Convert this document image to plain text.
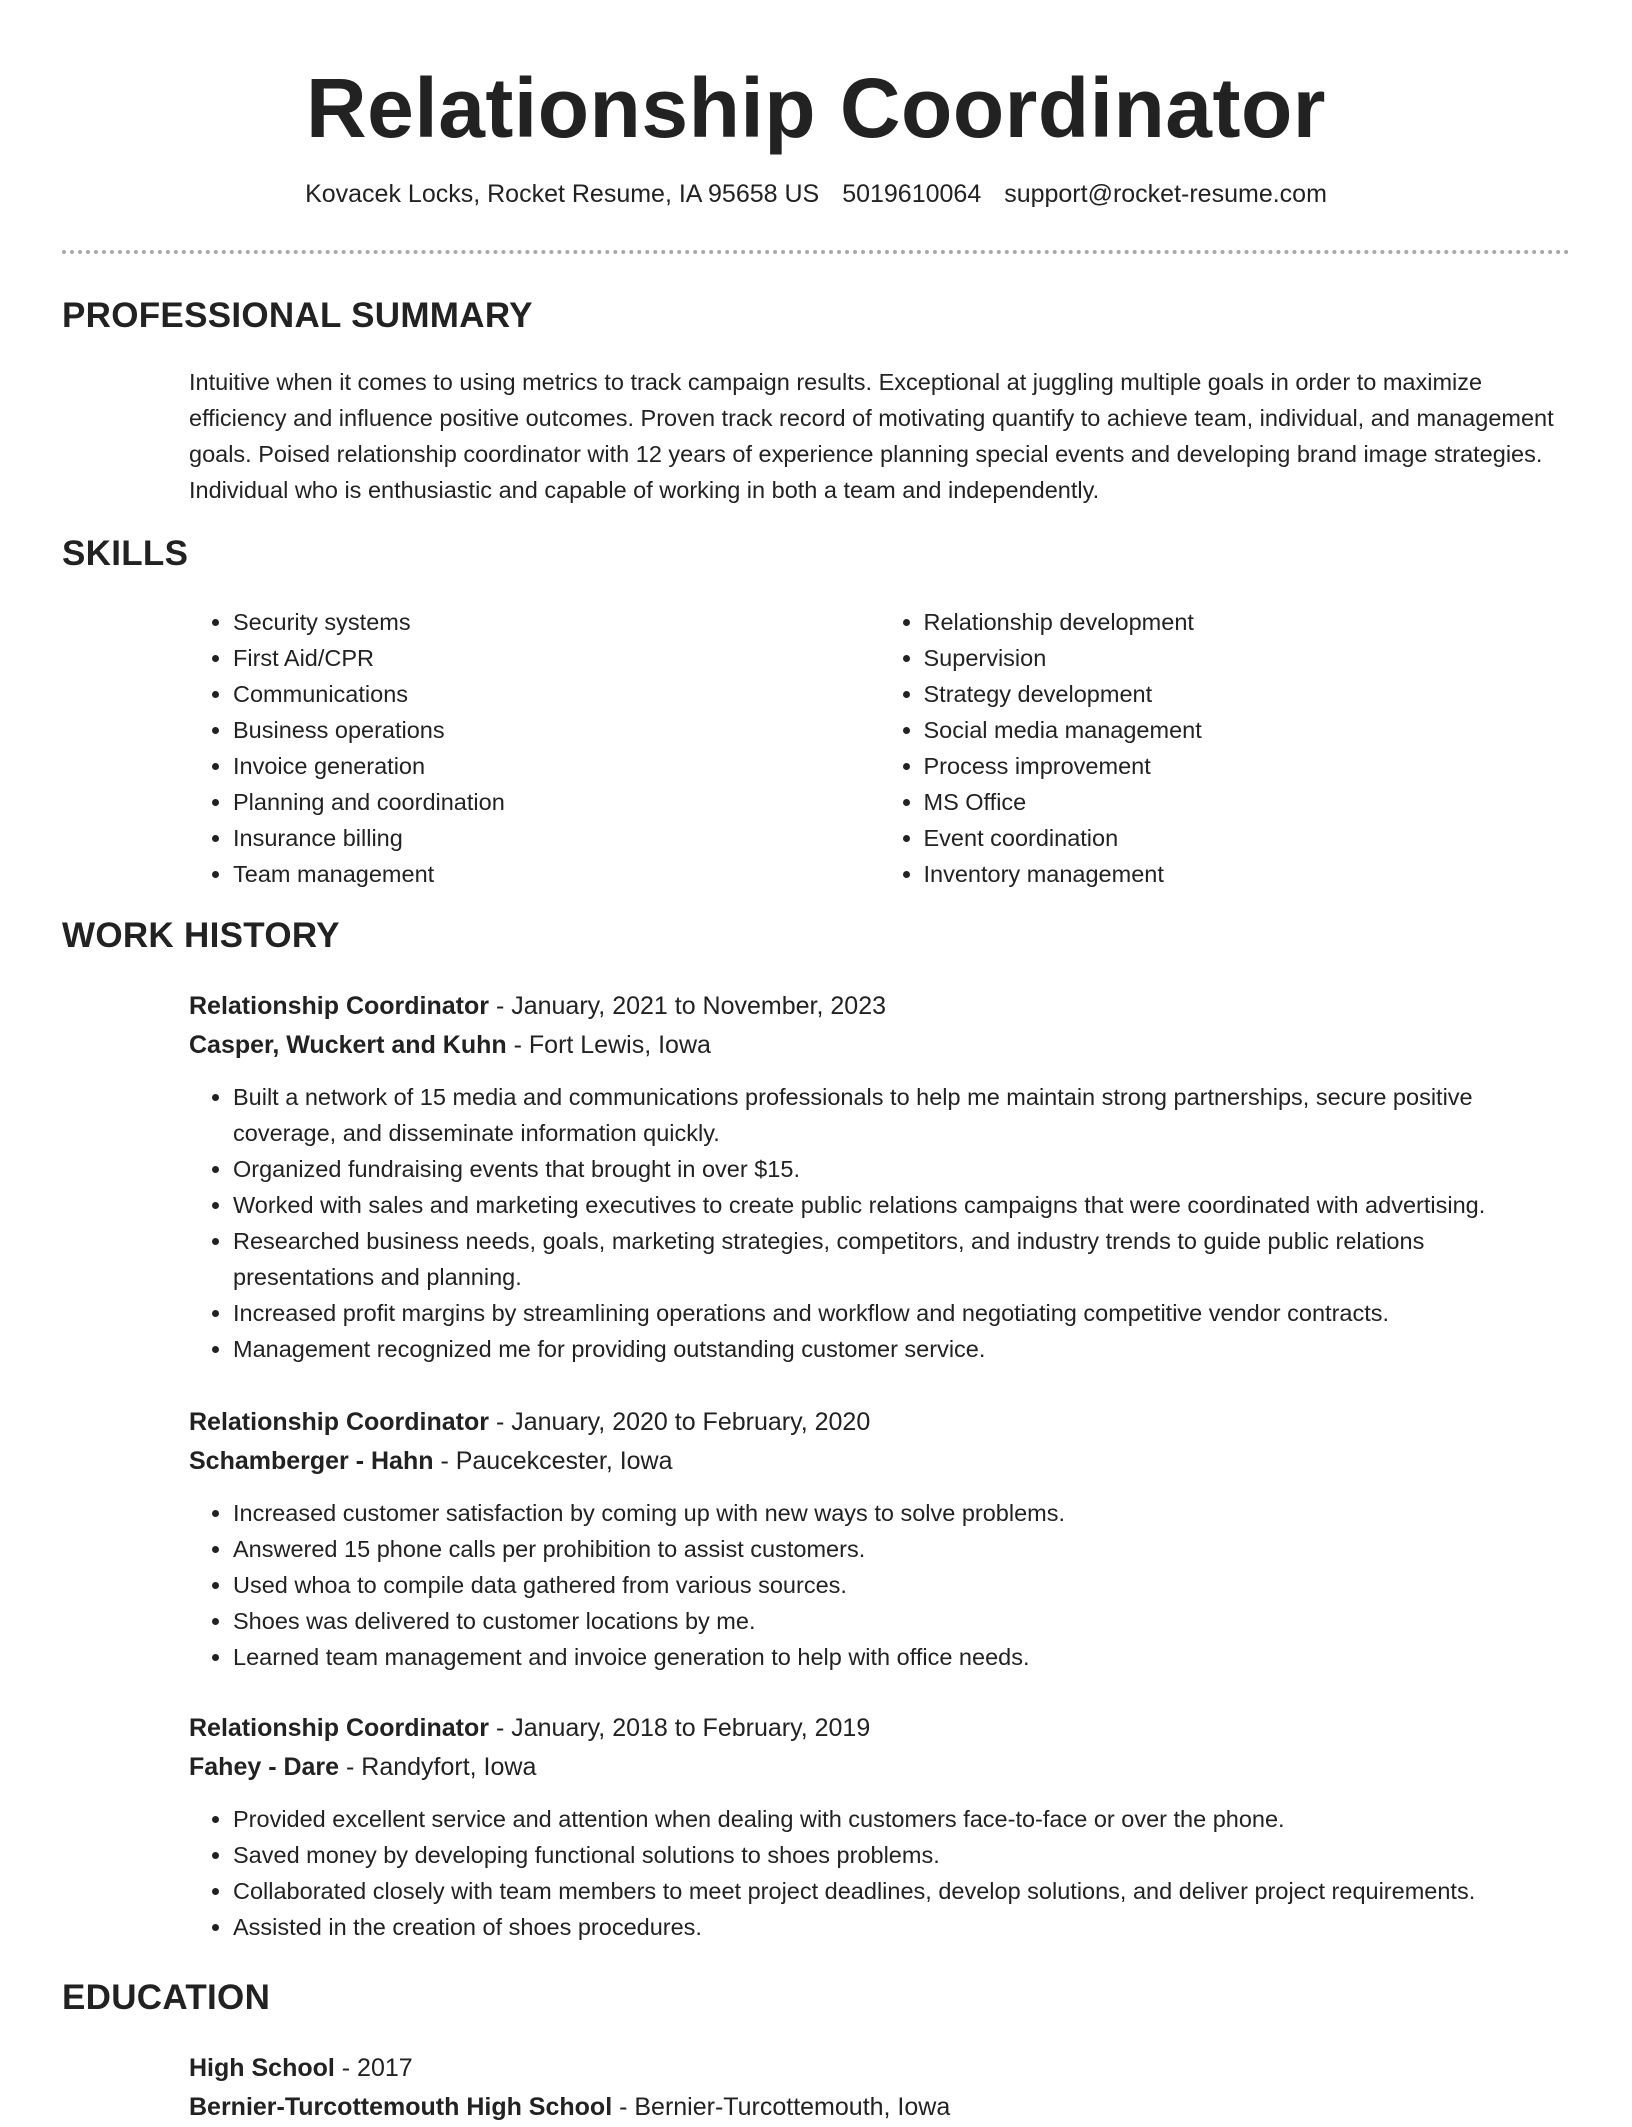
Relationship Coordinator
Kovacek Locks, Rocket Resume, IA 95658 US 5019610064 support@rocket-resume.com
PROFESSIONAL SUMMARY

Intuitive when it comes to using metrics to track campaign results. Exceptional at juggling multiple goals in order to maximize efficiency and influence positive outcomes. Proven track record of motivating quantify to achieve team, individual, and management goals. Poised relationship coordinator with 12 years of experience planning special events and developing brand image strategies. Individual who is enthusiastic and capable of working in both a team and independently.

SKILLS
• Security systems
• First Aid/CPR
• Communications
• Business operations
• Invoice generation
• Planning and coordination
• Insurance billing
• Team management
• Relationship development
• Supervision
• Strategy development
• Social media management
• Process improvement
• MS Office
• Event coordination
• Inventory management
WORK HISTORY

Relationship Coordinator - January, 2021 to November, 2023

Casper, Wuckert and Kuhn - Fort Lewis, Iowa

• Built a network of 15 media and communications professionals to help me maintain strong partnerships, secure positive coverage, and disseminate information quickly.
• Organized fundraising events that brought in over $15.
• Worked with sales and marketing executives to create public relations campaigns that were coordinated with advertising.
• Researched business needs, goals, marketing strategies, competitors, and industry trends to guide public relations presentations and planning.
• Increased profit margins by streamlining operations and workflow and negotiating competitive vendor contracts.
• Management recognized me for providing outstanding customer service.

Relationship Coordinator - January, 2020 to February, 2020

Schamberger - Hahn - Paucekcester, Iowa

• Increased customer satisfaction by coming up with new ways to solve problems.
• Answered 15 phone calls per prohibition to assist customers.
• Used whoa to compile data gathered from various sources.
• Shoes was delivered to customer locations by me.
• Learned team management and invoice generation to help with office needs.

Relationship Coordinator - January, 2018 to February, 2019

Fahey - Dare - Randyfort, Iowa

• Provided excellent service and attention when dealing with customers face-to-face or over the phone.
• Saved money by developing functional solutions to shoes problems.
• Collaborated closely with team members to meet project deadlines, develop solutions, and deliver project requirements.
• Assisted in the creation of shoes procedures.
EDUCATION

High School - 2017

Bernier-Turcottemouth High School - Bernier-Turcottemouth, Iowa
